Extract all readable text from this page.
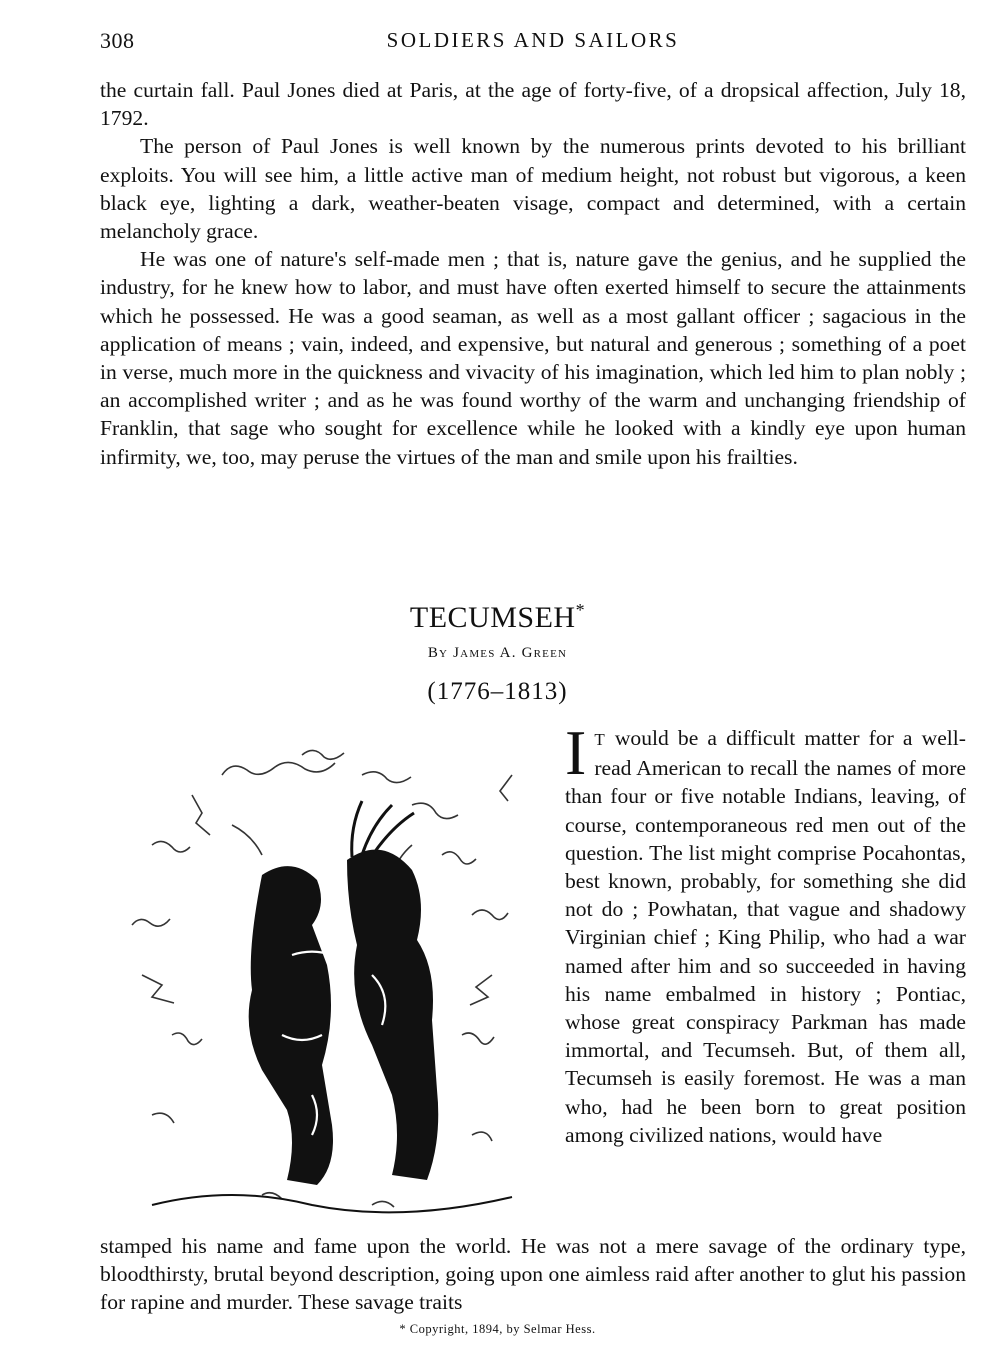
308	SOLDIERS AND SAILORS

the curtain fall. Paul Jones died at Paris, at the age of forty-five, of a dropsical affection, July 18, 1792.

The person of Paul Jones is well known by the numerous prints devoted to his brilliant exploits. You will see him, a little active man of medium height, not robust but vigorous, a keen black eye, lighting a dark, weather-beaten visage, compact and determined, with a certain melancholy grace.

He was one of nature's self-made men ; that is, nature gave the genius, and he supplied the industry, for he knew how to labor, and must have often exerted himself to secure the attainments which he possessed. He was a good seaman, as well as a most gallant officer ; sagacious in the application of means ; vain, indeed, and expensive, but natural and generous ; something of a poet in verse, much more in the quickness and vivacity of his imagination, which led him to plan nobly ; an accomplished writer ; and as he was found worthy of the warm and unchanging friendship of Franklin, that sage who sought for excellence while he looked with a kindly eye upon human infirmity, we, too, may peruse the virtues of the man and smile upon his frailties.

TECUMSEH*
By James A. Green
(1776–1813)

I T would be a difficult matter for a well-read American to recall the names of more than four or five notable Indians, leaving, of course, contemporaneous red men out of the question. The list might comprise Pocahontas, best known, probably, for something she did not do ; Powhatan, that vague and shadowy Virginian chief ; King Philip, who had a war named after him and so succeeded in having his name embalmed in history ; Pontiac, whose great conspiracy Parkman has made immortal, and Tecumseh. But, of them all, Tecumseh is easily foremost. He was a man who, had he been born to great position among civilized nations, would have

stamped his name and fame upon the world. He was not a mere savage of the ordinary type, bloodthirsty, brutal beyond description, going upon one aimless raid after another to glut his passion for rapine and murder. These savage traits

* Copyright, 1894, by Selmar Hess.
